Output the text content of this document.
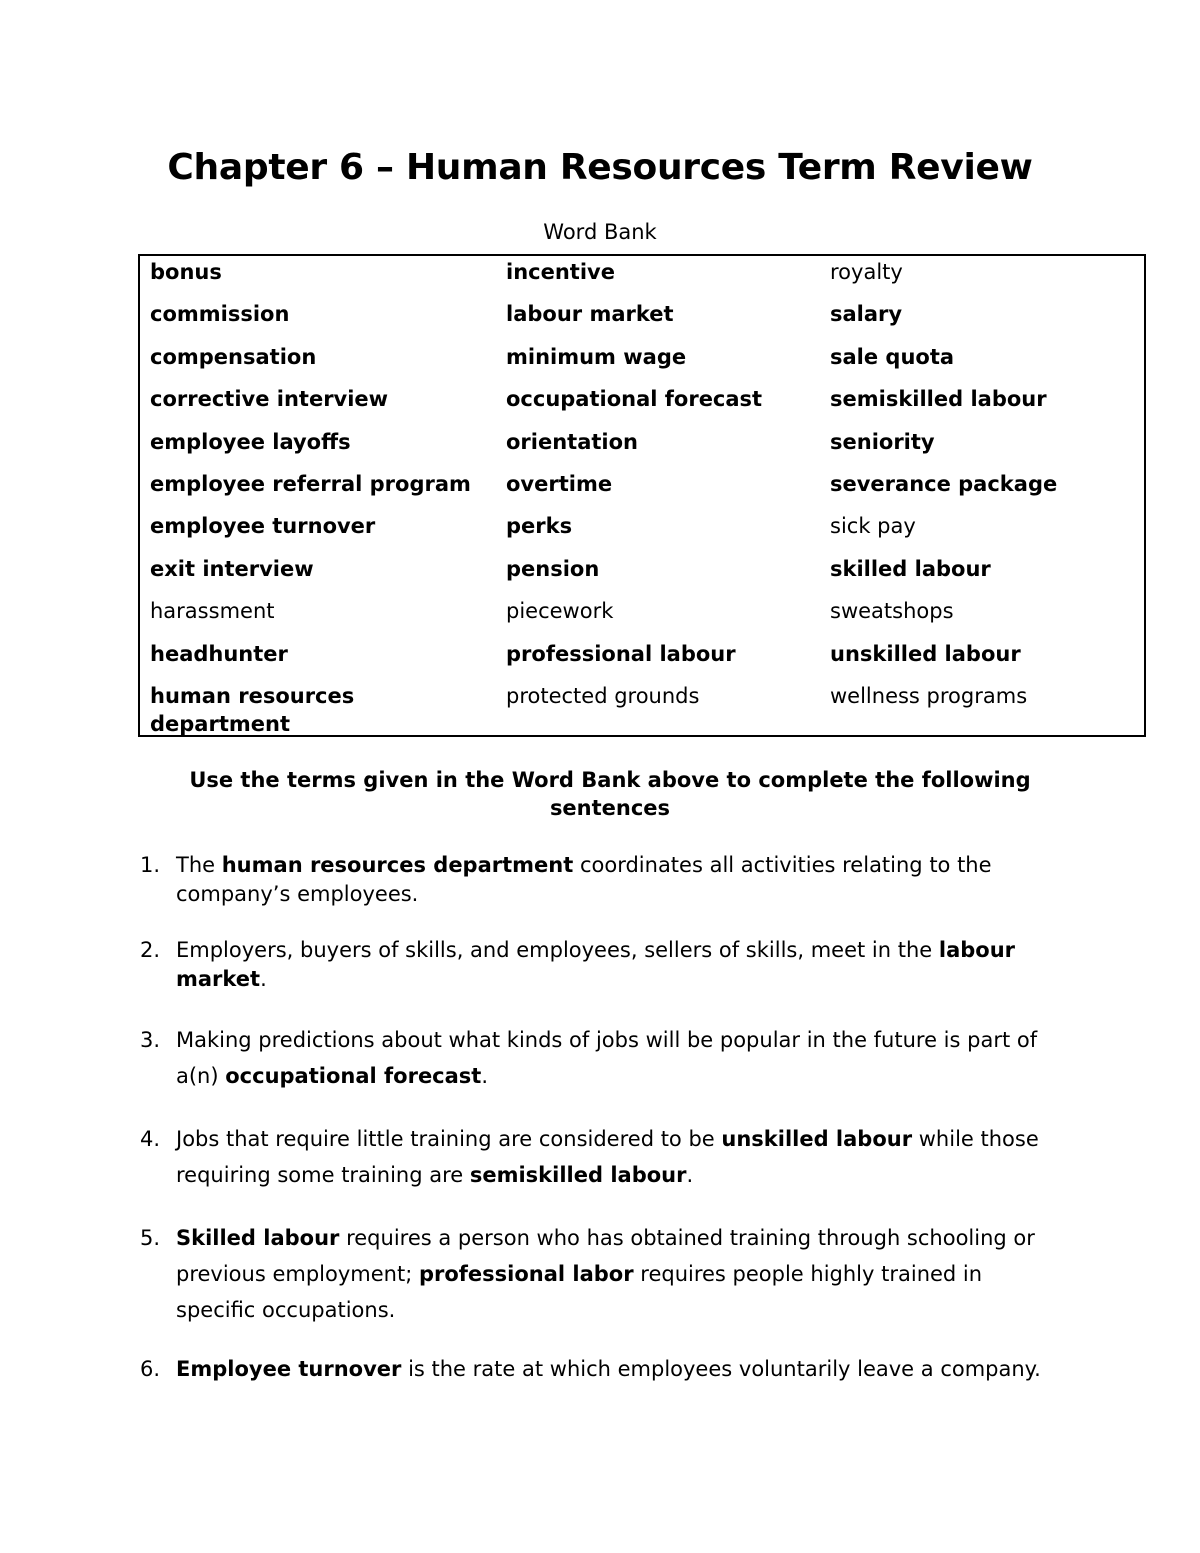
Chapter 6 – Human Resources Term Review
Word Bank
bonus
commission
compensation
corrective interview
employee layoffs
employee referral program
employee turnover
exit interview
harassment
headhunter
human resources department
incentive
labour market
minimum wage
occupational forecast
orientation
overtime
perks
pension
piecework
professional labour
protected grounds
royalty
salary
sale quota
semiskilled labour
seniority
severance package
sick pay
skilled labour
sweatshops
unskilled labour
wellness programs
Use the terms given in the Word Bank above to complete the following sentences
1. The human resources department coordinates all activities relating to the company’s employees.
2. Employers, buyers of skills, and employees, sellers of skills, meet in the labour market.
3. Making predictions about what kinds of jobs will be popular in the future is part of a(n) occupational forecast.
4. Jobs that require little training are considered to be unskilled labour while those requiring some training are semiskilled labour.
5. Skilled labour requires a person who has obtained training through schooling or previous employment; professional labor requires people highly trained in specific occupations.
6. Employee turnover is the rate at which employees voluntarily leave a company.
